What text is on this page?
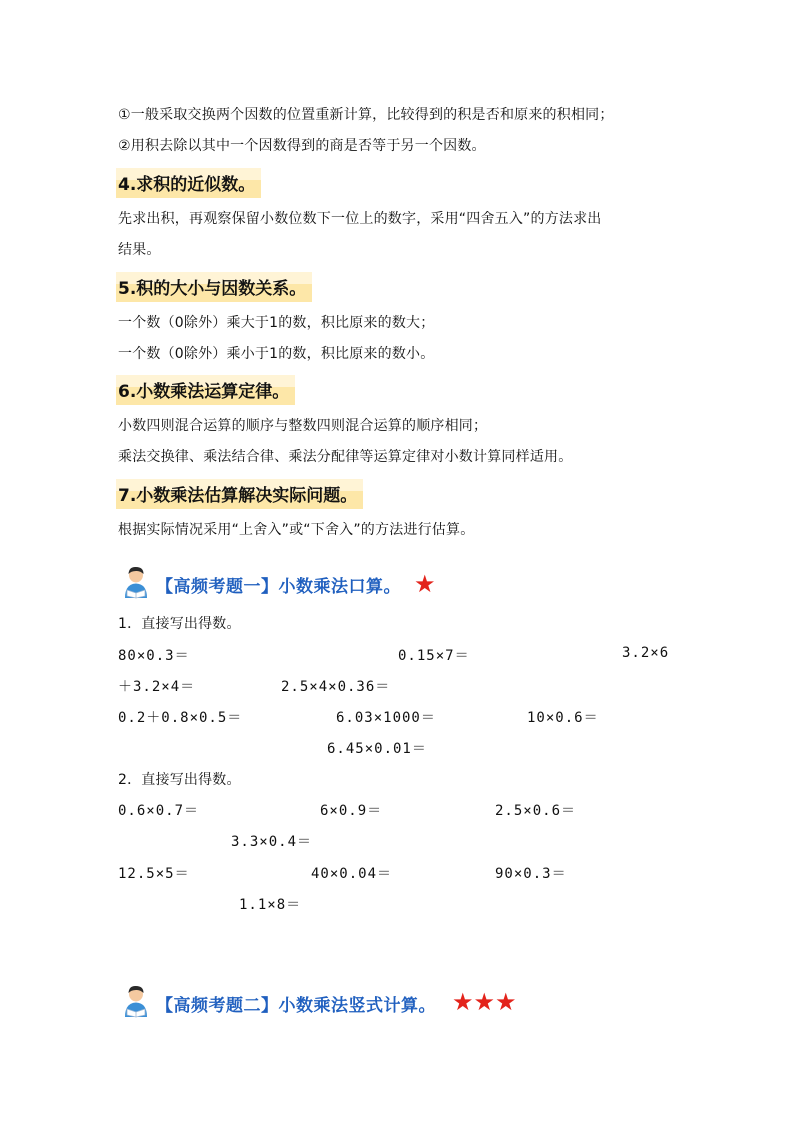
①一般采取交换两个因数的位置重新计算，比较得到的积是否和原来的积相同；
②用积去除以其中一个因数得到的商是否等于另一个因数。
4.求积的近似数。
先求出积，再观察保留小数位数下一位上的数字，采用“四舍五入”的方法求出
结果。
5.积的大小与因数关系。
一个数（0除外）乘大于1的数，积比原来的数大；
一个数（0除外）乘小于1的数，积比原来的数小。
6.小数乘法运算定律。
小数四则混合运算的顺序与整数四则混合运算的顺序相同；
乘法交换律、乘法结合律、乘法分配律等运算定律对小数计算同样适用。
7.小数乘法估算解决实际问题。
根据实际情况采用“上舍入”或“下舍入”的方法进行估算。
【高频考题一】小数乘法口算。 ★
1．直接写出得数。
80×0.3＝	0.15×7＝	3.2×6
＋3.2×4＝	2.5×4×0.36＝
0.2＋0.8×0.5＝	6.03×1000＝	10×0.6＝
6.45×0.01＝
2．直接写出得数。
0.6×0.7＝	6×0.9＝	2.5×0.6＝
3.3×0.4＝
12.5×5＝	40×0.04＝	90×0.3＝
1.1×8＝
【高频考题二】小数乘法竖式计算。 ★★★
